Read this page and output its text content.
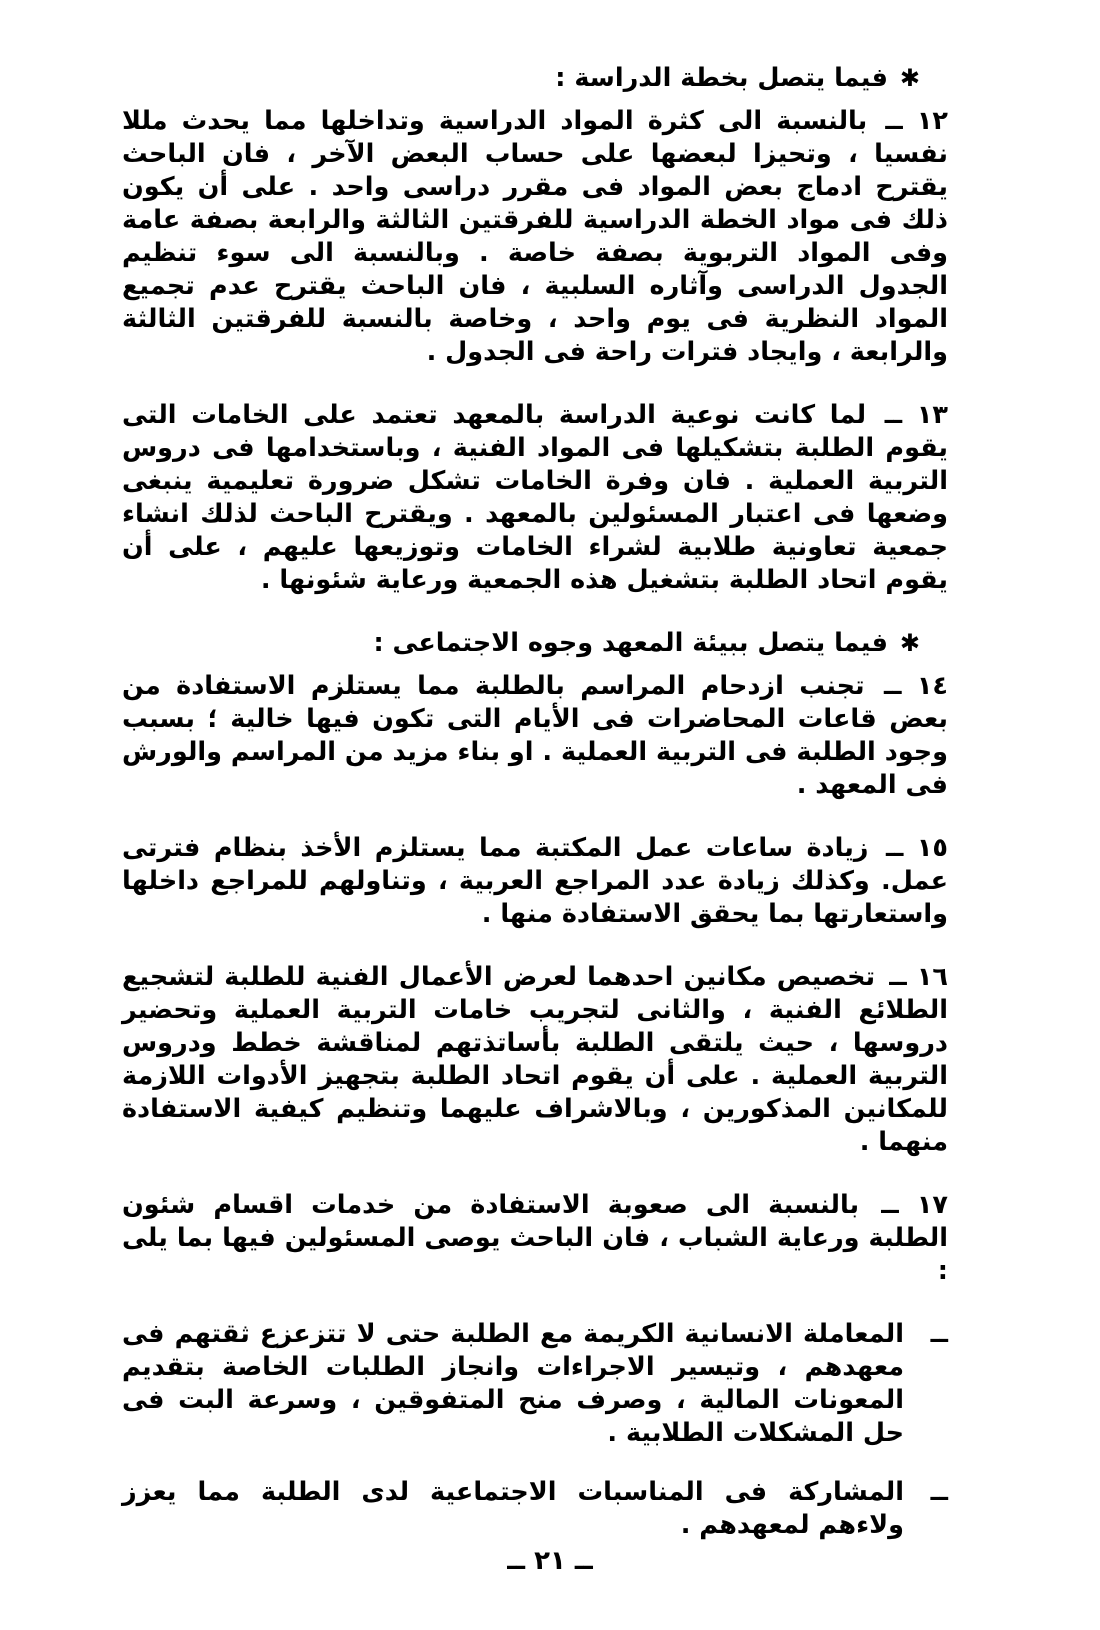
✱فيما يتصل بخطة الدراسة :

١٢ ــ بالنسبة الى كثرة المواد الدراسية وتداخلها مما يحدث مللا نفسيا ، وتحيزا لبعضها على حساب البعض الآخر ، فان الباحث يقترح ادماج بعض المواد فى مقرر دراسى واحد . على أن يكون ذلك فى مواد الخطة الدراسية للفرقتين الثالثة والرابعة بصفة عامة وفى المواد التربوية بصفة خاصة . وبالنسبة الى سوء تنظيم الجدول الدراسى وآثاره السلبية ، فان الباحث يقترح عدم تجميع المواد النظرية فى يوم واحد ، وخاصة بالنسبة للفرقتين الثالثة والرابعة ، وايجاد فترات راحة فى الجدول .

١٣ ــ لما كانت نوعية الدراسة بالمعهد تعتمد على الخامات التى يقوم الطلبة بتشكيلها فى المواد الفنية ، وباستخدامها فى دروس التربية العملية . فان وفرة الخامات تشكل ضرورة تعليمية ينبغى وضعها فى اعتبار المسئولين بالمعهد . ويقترح الباحث لذلك انشاء جمعية تعاونية طلابية لشراء الخامات وتوزيعها عليهم ، على أن يقوم اتحاد الطلبة بتشغيل هذه الجمعية ورعاية شئونها .

✱فيما يتصل ببيئة المعهد وجوه الاجتماعى :

١٤ ــ تجنب ازدحام المراسم بالطلبة مما يستلزم الاستفادة من بعض قاعات المحاضرات فى الأيام التى تكون فيها خالية ؛ بسبب وجود الطلبة فى التربية العملية . او بناء مزيد من المراسم والورش فى المعهد .

١٥ ــ زيادة ساعات عمل المكتبة مما يستلزم الأخذ بنظام فترتى عمل. وكذلك زيادة عدد المراجع العربية ، وتناولهم للمراجع داخلها واستعارتها بما يحقق الاستفادة منها .

١٦ ــ تخصيص مكانين احدهما لعرض الأعمال الفنية للطلبة لتشجيع الطلائع الفنية ، والثانى لتجريب خامات التربية العملية وتحضير دروسها ، حيث يلتقى الطلبة بأساتذتهم لمناقشة خطط ودروس التربية العملية . على أن يقوم اتحاد الطلبة بتجهيز الأدوات اللازمة للمكانين المذكورين ، وبالاشراف عليهما وتنظيم كيفية الاستفادة منهما .

١٧ ــ بالنسبة الى صعوبة الاستفادة من خدمات اقسام شئون الطلبة ورعاية الشباب ، فان الباحث يوصى المسئولين فيها بما يلى :

ــ
المعاملة الانسانية الكريمة مع الطلبة حتى لا تتزعزع ثقتهم فى معهدهم ، وتيسير الاجراءات وانجاز الطلبات الخاصة بتقديم المعونات المالية ، وصرف منح المتفوقين ، وسرعة البت فى حل المشكلات الطلابية .

ــ
المشاركة فى المناسبات الاجتماعية لدى الطلبة مما يعزز ولاءهم لمعهدهم .

ــ ٢١ ــ
